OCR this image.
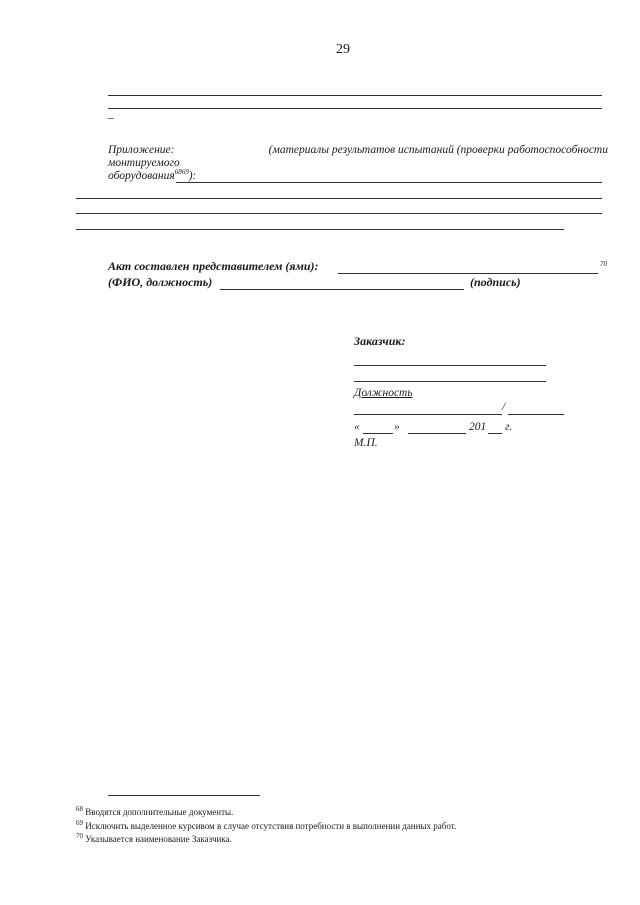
29
–
Приложение:	(материалы результатов испытаний (проверки работоспособности
монтируемого
оборудования$^{6869}$):
Акт составлен представителем (ями):	70
(ФИО, должность)	(подпись)
Заказчик:
Должность
/
«	»	201 г.
М.П.
$^{68}$ Вводятся дополнительные документы.
$^{69}$ Исключить выделенное курсивом в случае отсутствия потребности в выполнении данных работ.
$^{70}$ Указывается наименование Заказчика.
